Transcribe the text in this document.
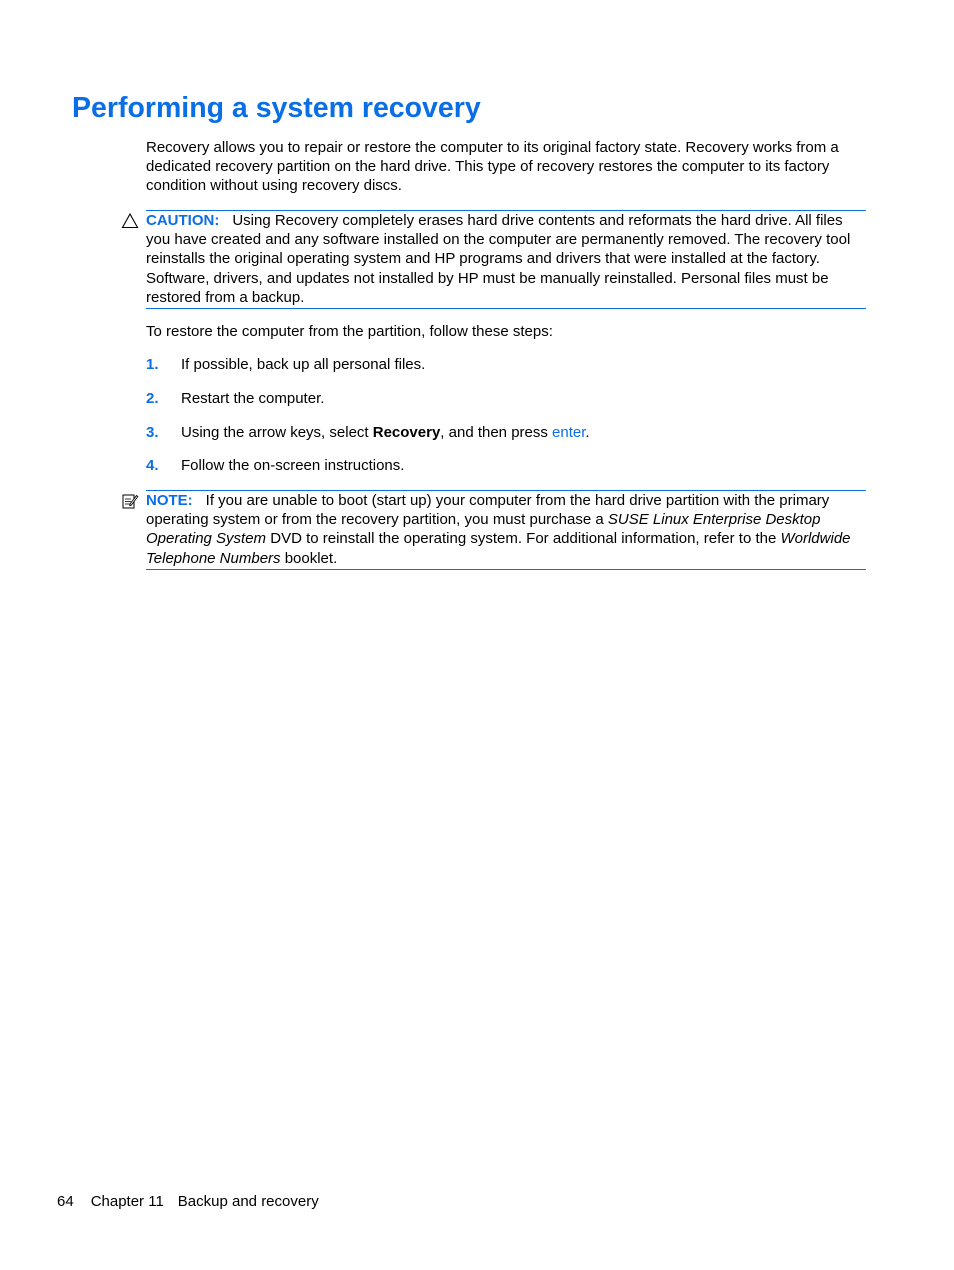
Performing a system recovery

Recovery allows you to repair or restore the computer to its original factory state. Recovery works from a dedicated recovery partition on the hard drive. This type of recovery restores the computer to its factory condition without using recovery discs.

CAUTION: Using Recovery completely erases hard drive contents and reformats the hard drive. All files you have created and any software installed on the computer are permanently removed. The recovery tool reinstalls the original operating system and HP programs and drivers that were installed at the factory. Software, drivers, and updates not installed by HP must be manually reinstalled. Personal files must be restored from a backup.

To restore the computer from the partition, follow these steps:

1. If possible, back up all personal files.
2. Restart the computer.
3. Using the arrow keys, select Recovery, and then press enter.
4. Follow the on-screen instructions.
NOTE: If you are unable to boot (start up) your computer from the hard drive partition with the primary operating system or from the recovery partition, you must purchase a SUSE Linux Enterprise Desktop Operating System DVD to reinstall the operating system. For additional information, refer to the Worldwide Telephone Numbers booklet.
64 Chapter 11 Backup and recovery
